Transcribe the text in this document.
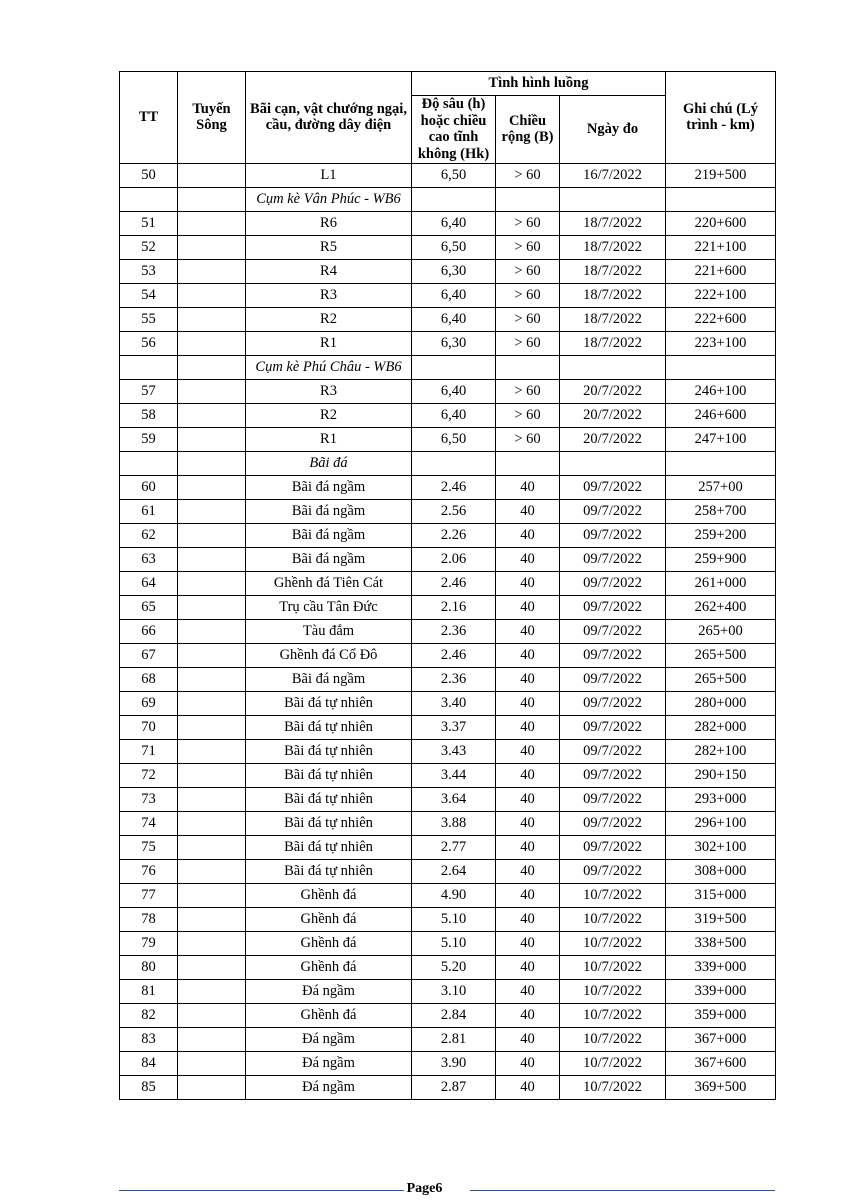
TT	Tuyến Sông	Bãi cạn, vật chướng ngại, cầu, đường dây điện	Tình hình luồng			Ghi chú (Lý trình - km)
			Độ sâu (h) hoặc chiều cao tĩnh không (Hk)	Chiều rộng (B)	Ngày đo	
50		L1	6,50	> 60	16/7/2022	219+500
		Cụm kè Vân Phúc - WB6				
51		R6	6,40	> 60	18/7/2022	220+600
52		R5	6,50	> 60	18/7/2022	221+100
53		R4	6,30	> 60	18/7/2022	221+600
54		R3	6,40	> 60	18/7/2022	222+100
55		R2	6,40	> 60	18/7/2022	222+600
56		R1	6,30	> 60	18/7/2022	223+100
		Cụm kè Phú Châu - WB6				
57		R3	6,40	> 60	20/7/2022	246+100
58		R2	6,40	> 60	20/7/2022	246+600
59		R1	6,50	> 60	20/7/2022	247+100
		Bãi đá				
60		Bãi đá ngầm	2.46	40	09/7/2022	257+00
61		Bãi đá ngầm	2.56	40	09/7/2022	258+700
62		Bãi đá ngầm	2.26	40	09/7/2022	259+200
63		Bãi đá ngầm	2.06	40	09/7/2022	259+900
64		Ghềnh đá Tiên Cát	2.46	40	09/7/2022	261+000
65		Trụ cầu Tân Đức	2.16	40	09/7/2022	262+400
66		Tàu đắm	2.36	40	09/7/2022	265+00
67		Ghềnh đá Cổ Đô	2.46	40	09/7/2022	265+500
68		Bãi đá ngầm	2.36	40	09/7/2022	265+500
69		Bãi đá tự nhiên	3.40	40	09/7/2022	280+000
70		Bãi đá tự nhiên	3.37	40	09/7/2022	282+000
71		Bãi đá tự nhiên	3.43	40	09/7/2022	282+100
72		Bãi đá tự nhiên	3.44	40	09/7/2022	290+150
73		Bãi đá tự nhiên	3.64	40	09/7/2022	293+000
74		Bãi đá tự nhiên	3.88	40	09/7/2022	296+100
75		Bãi đá tự nhiên	2.77	40	09/7/2022	302+100
76		Bãi đá tự nhiên	2.64	40	09/7/2022	308+000
77		Ghềnh đá	4.90	40	10/7/2022	315+000
78		Ghềnh đá	5.10	40	10/7/2022	319+500
79		Ghềnh đá	5.10	40	10/7/2022	338+500
80		Ghềnh đá	5.20	40	10/7/2022	339+000
81		Đá ngầm	3.10	40	10/7/2022	339+000
82		Ghềnh đá	2.84	40	10/7/2022	359+000
83		Đá ngầm	2.81	40	10/7/2022	367+000
84		Đá ngầm	3.90	40	10/7/2022	367+600
85		Đá ngầm	2.87	40	10/7/2022	369+500
Page6
